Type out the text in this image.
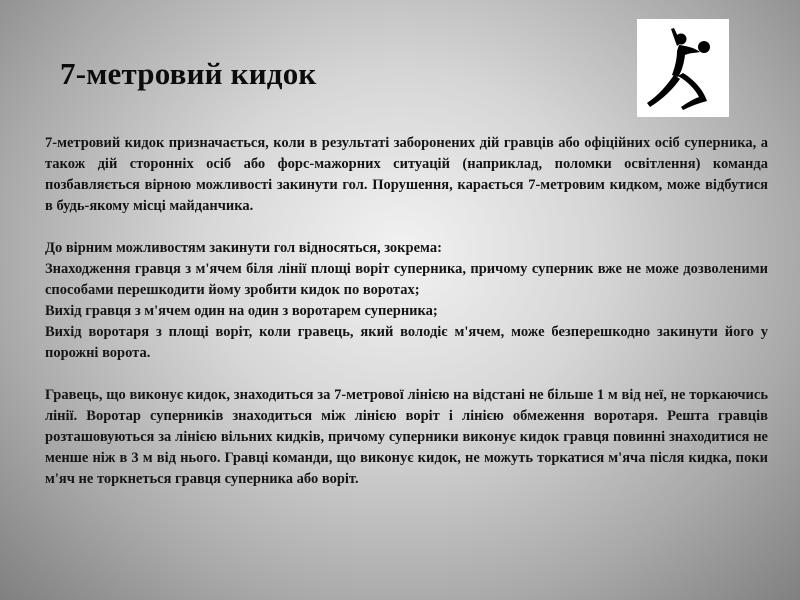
7-метровий кидок

7-метровий кидок призначається, коли в результаті заборонених дій гравців або офіційних осіб суперника, а також дій сторонніх осіб або форс-мажорних ситуацій (наприклад, поломки освітлення) команда позбавляється вірною можливості закинути гол. Порушення, карається 7-метровим кидком, може відбутися в будь-якому місці майданчика.

До вірним можливостям закинути гол відносяться, зокрема:

Знаходження гравця з м'ячем біля лінії площі воріт суперника, причому суперник вже не може дозволеними способами перешкодити йому зробити кидок по воротах;

Вихід гравця з м'ячем один на один з воротарем суперника;

Вихід воротаря з площі воріт, коли гравець, який володіє м'ячем, може безперешкодно закинути його у порожні ворота.

Гравець, що виконує кидок, знаходиться за 7-метрової лінією на відстані не більше 1 м від неї, не торкаючись лінії. Воротар суперників знаходиться між лінією воріт і лінією обмеження воротаря. Решта гравців розташовуються за лінією вільних кидків, причому суперники виконує кидок гравця повинні знаходитися не менше ніж в 3 м від нього. Гравці команди, що виконує кидок, не можуть торкатися м'яча після кидка, поки м'яч не торкнеться гравця суперника або воріт.
